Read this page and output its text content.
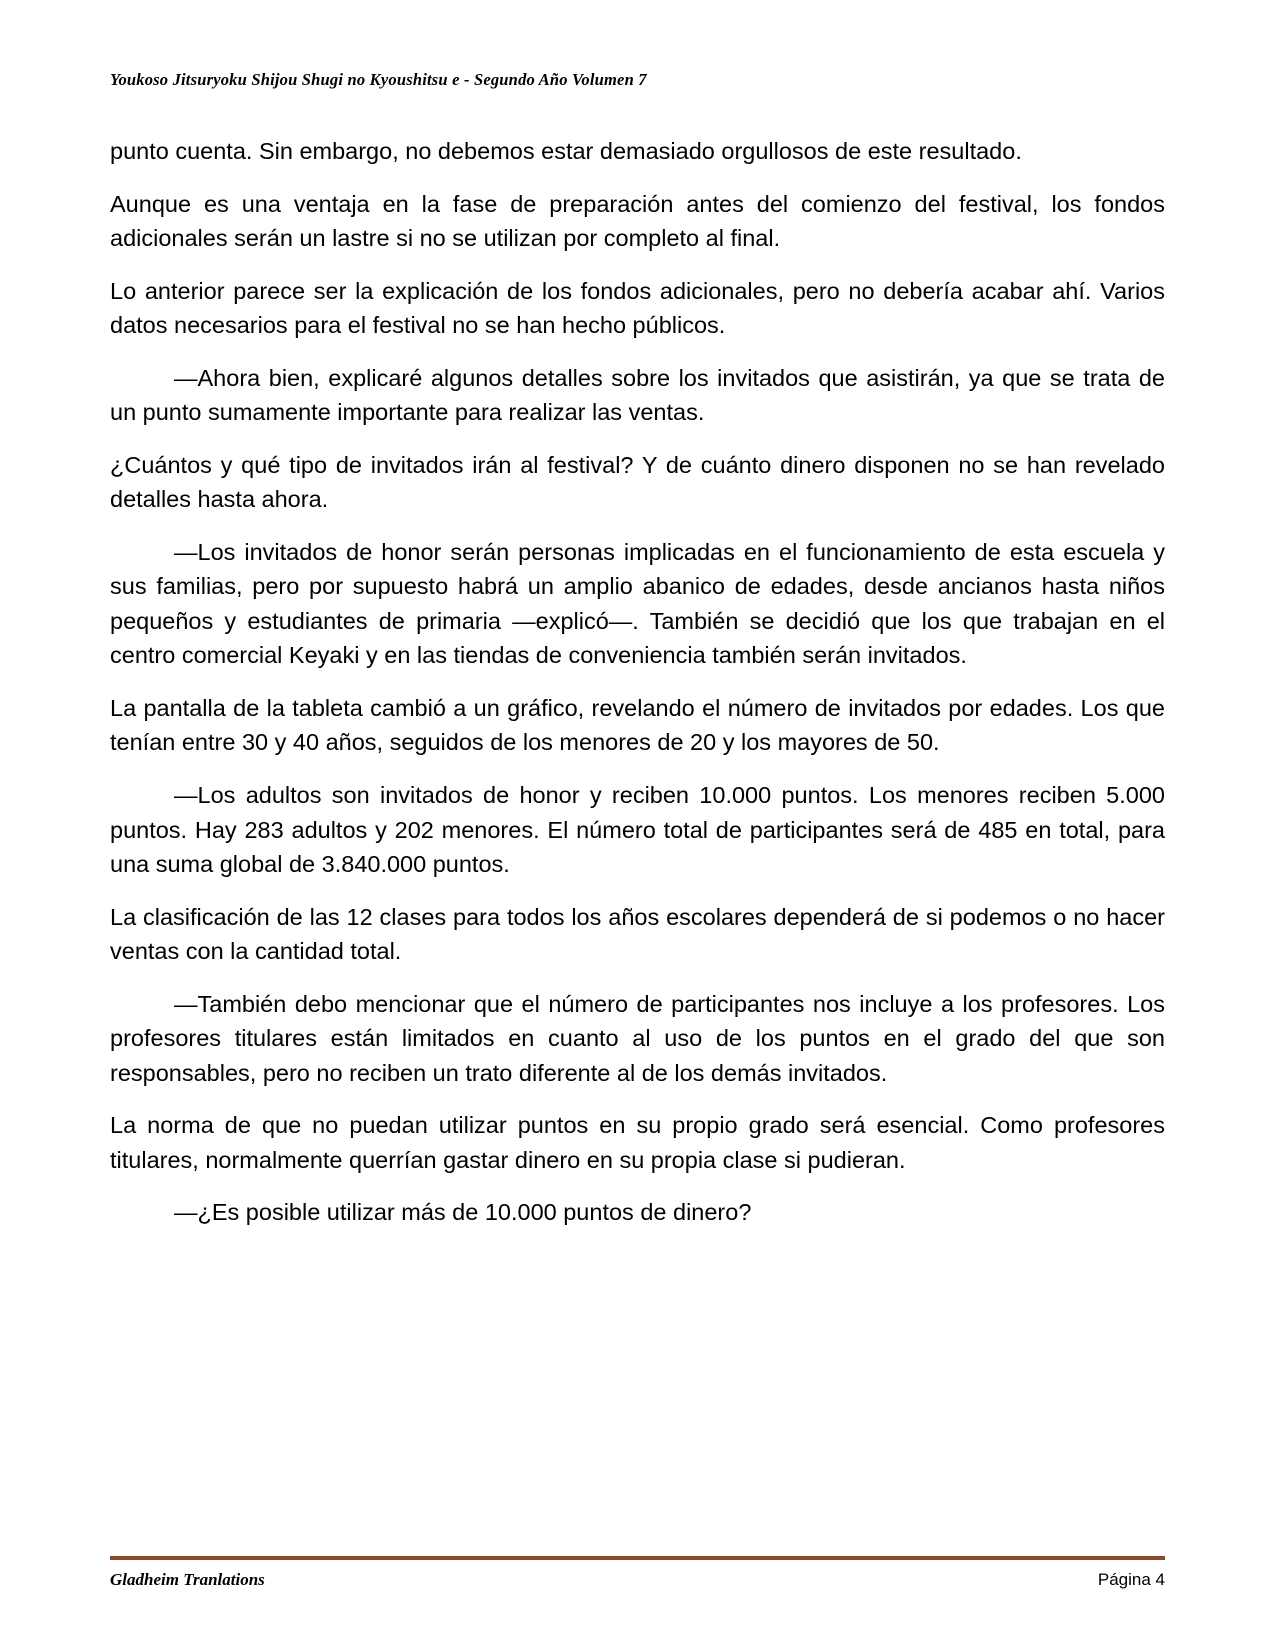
Youkoso Jitsuryoku Shijou Shugi no Kyoushitsu e - Segundo Año Volumen 7

punto cuenta. Sin embargo, no debemos estar demasiado orgullosos de este resultado.

Aunque es una ventaja en la fase de preparación antes del comienzo del festival, los fondos adicionales serán un lastre si no se utilizan por completo al final.

Lo anterior parece ser la explicación de los fondos adicionales, pero no debería acabar ahí. Varios datos necesarios para el festival no se han hecho públicos.

—Ahora bien, explicaré algunos detalles sobre los invitados que asistirán, ya que se trata de un punto sumamente importante para realizar las ventas.

¿Cuántos y qué tipo de invitados irán al festival? Y de cuánto dinero disponen no se han revelado detalles hasta ahora.

—Los invitados de honor serán personas implicadas en el funcionamiento de esta escuela y sus familias, pero por supuesto habrá un amplio abanico de edades, desde ancianos hasta niños pequeños y estudiantes de primaria —explicó—. También se decidió que los que trabajan en el centro comercial Keyaki y en las tiendas de conveniencia también serán invitados.

La pantalla de la tableta cambió a un gráfico, revelando el número de invitados por edades. Los que tenían entre 30 y 40 años, seguidos de los menores de 20 y los mayores de 50.

—Los adultos son invitados de honor y reciben 10.000 puntos. Los menores reciben 5.000 puntos. Hay 283 adultos y 202 menores. El número total de participantes será de 485 en total, para una suma global de 3.840.000 puntos.

La clasificación de las 12 clases para todos los años escolares dependerá de si podemos o no hacer ventas con la cantidad total.

—También debo mencionar que el número de participantes nos incluye a los profesores. Los profesores titulares están limitados en cuanto al uso de los puntos en el grado del que son responsables, pero no reciben un trato diferente al de los demás invitados.

La norma de que no puedan utilizar puntos en su propio grado será esencial. Como profesores titulares, normalmente querrían gastar dinero en su propia clase si pudieran.

—¿Es posible utilizar más de 10.000 puntos de dinero?

Gladheim Tranlations	Página 4
